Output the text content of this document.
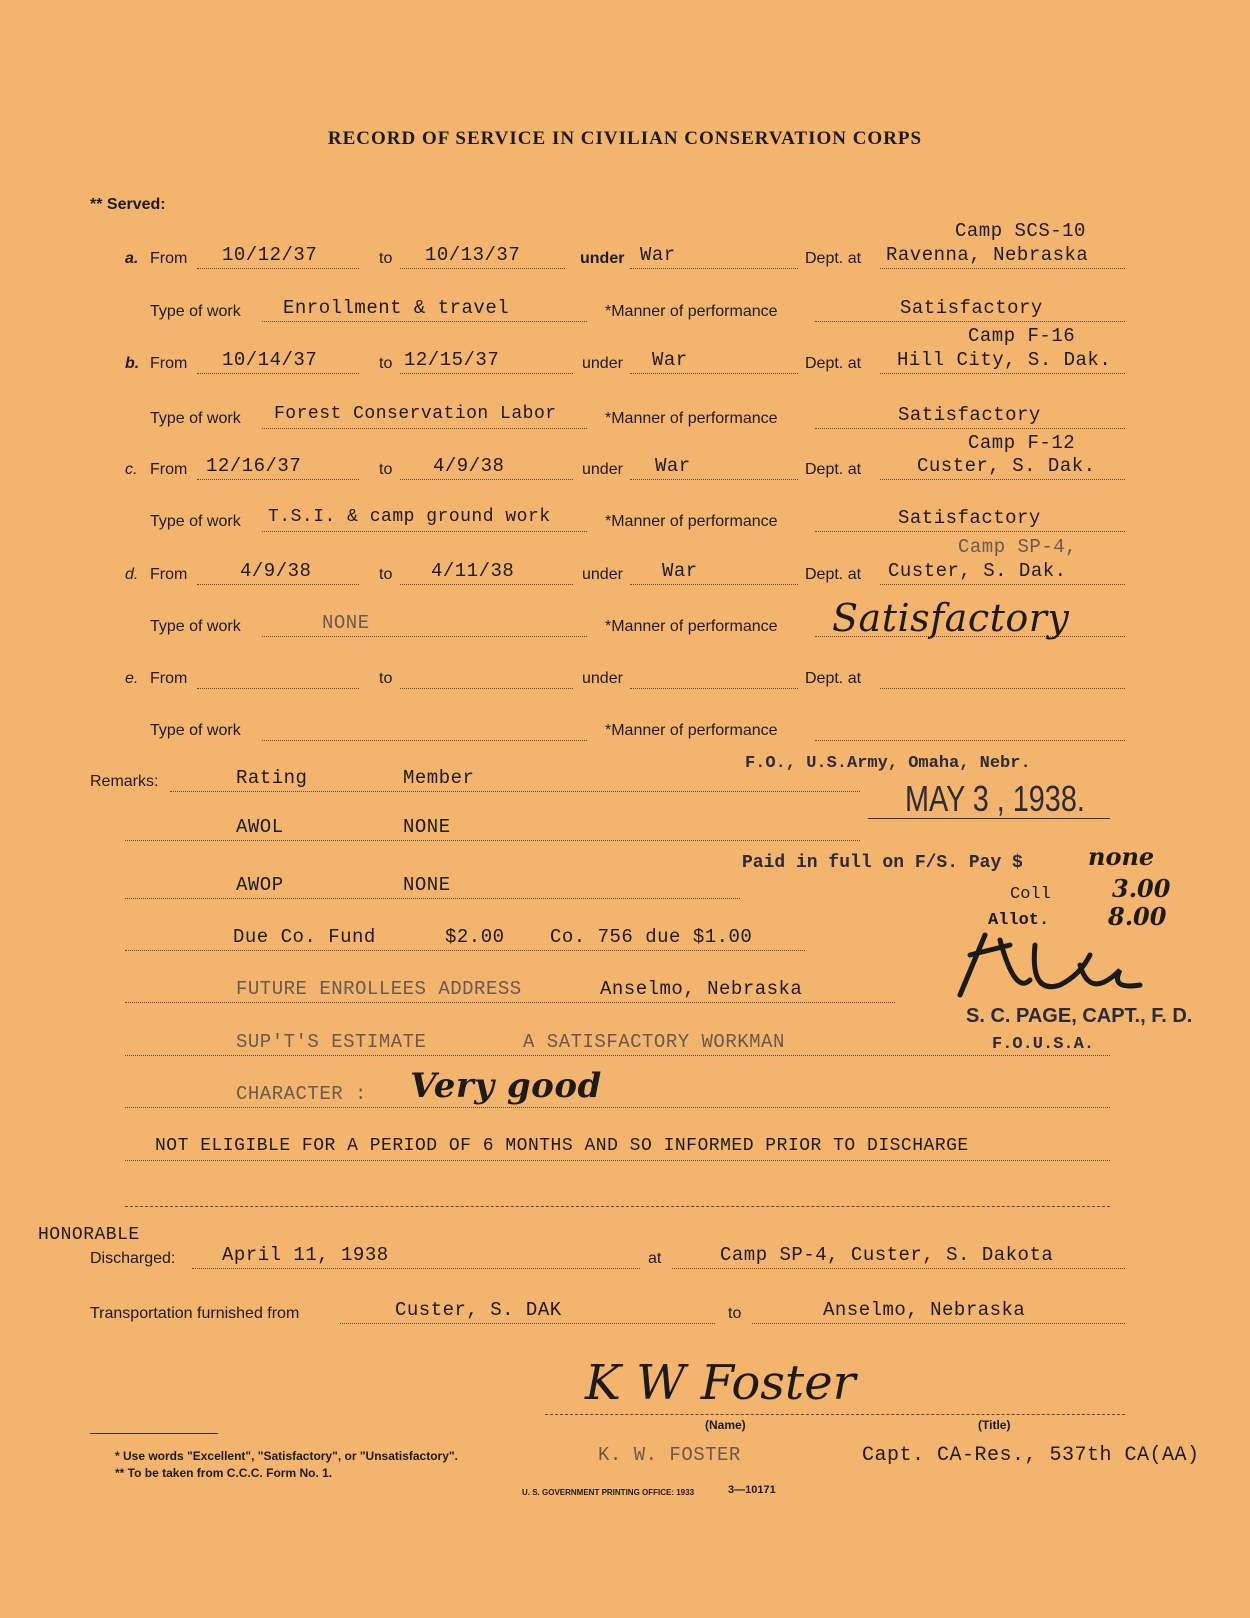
RECORD OF SERVICE IN CIVILIAN CONSERVATION CORPS
** Served:
Camp SCS-10
a. From 10/12/37	to 10/13/37	under War	Dept. at Ravenna, Nebraska
Type of work Enrollment & travel	*Manner of performance	Satisfactory
Camp F-16
b. From 10/14/37	to 12/15/37	under War	Dept. at Hill City, S. Dak.
Type of work Forest Conservation Labor	*Manner of performance	Satisfactory
Camp F-12
c. From 12/16/37	to 4/9/38	under War	Dept. at	Custer, S. Dak.
Type of work T.S.I. & camp ground work	*Manner of performance	Satisfactory
Camp SP-4,
d. From	4/9/38	to 4/11/38	under War	Dept. at Custer, S. Dak.
Type of work	NONE	*Manner of performance Satisfactory
e. From	to	under	Dept. at
Type of work	*Manner of performance
F.O., U.S.Army, Omaha, Nebr.
MAY 3 , 1938.
Paid in full on F/S. Pay $	none
Coll	3.00
Allot. 8.00
S. C. PAGE, CAPT., F. D.
F.O.U.S.A.
Remarks:	Rating	Member
AWOL	NONE
AWOP	NONE
Due Co. Fund	$2.00 Co. 756 due $1.00
FUTURE ENROLLEES ADDRESS	Anselmo, Nebraska
SUP'T'S ESTIMATE	A SATISFACTORY WORKMAN
CHARACTER : Very good
NOT ELIGIBLE FOR A PERIOD OF 6 MONTHS AND SO INFORMED PRIOR TO DISCHARGE
HONORABLE
Discharged: April 11, 1938	at	Camp SP-4, Custer, S. Dakota
Transportation furnished from	Custer, S. DAK	to	Anselmo, Nebraska
K W Foster
(Name)	(Title)
K. W. FOSTER	Capt. CA-Res., 537th CA(AA)
* Use words "Excellent", "Satisfactory", or "Unsatisfactory".
** To be taken from C.C.C. Form No. 1.
U. S. GOVERNMENT PRINTING OFFICE: 1933	3—10171
